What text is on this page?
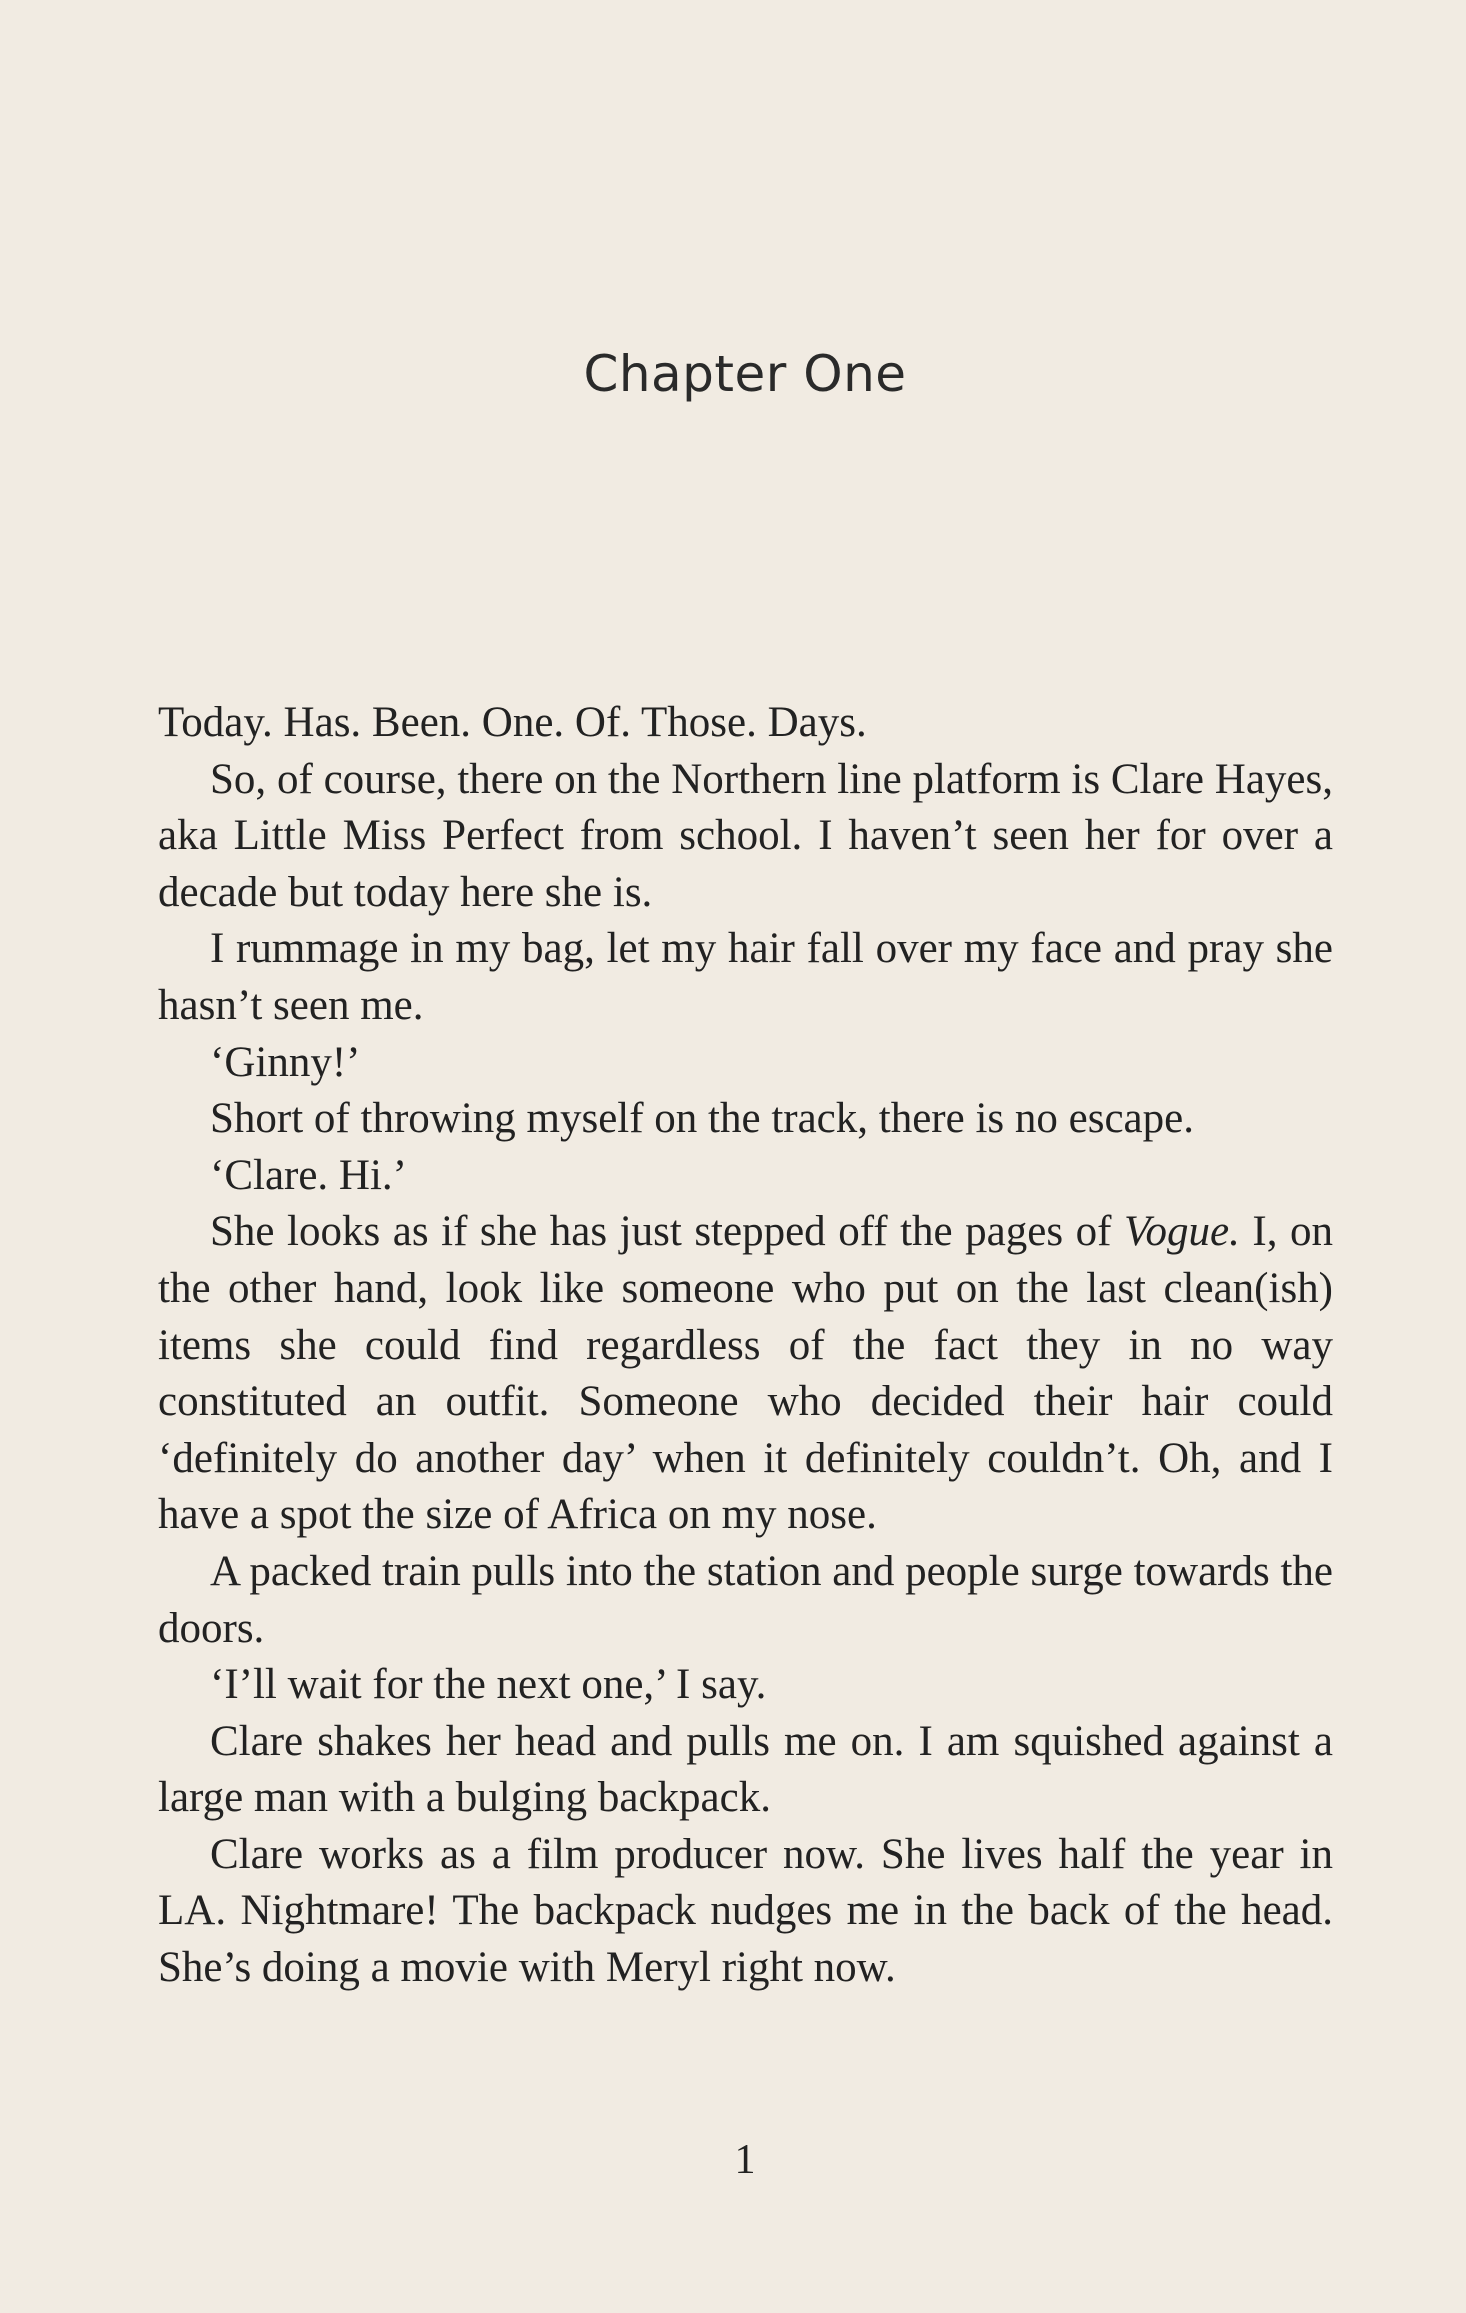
Chapter One

Today. Has. Been. One. Of. Those. Days.

So, of course, there on the Northern line platform is Clare Hayes, aka Little Miss Perfect from school. I haven’t seen her for over a decade but today here she is.

I rummage in my bag, let my hair fall over my face and pray she hasn’t seen me.

‘Ginny!’

Short of throwing myself on the track, there is no escape.

‘Clare. Hi.’

She looks as if she has just stepped off the pages of Vogue. I, on the other hand, look like someone who put on the last clean(ish) items she could find regardless of the fact they in no way constituted an outfit. Someone who decided their hair could ‘definitely do another day’ when it definitely couldn’t. Oh, and I have a spot the size of Africa on my nose.

A packed train pulls into the station and people surge towards the doors.

‘I’ll wait for the next one,’ I say.

Clare shakes her head and pulls me on. I am squished against a large man with a bulging backpack.

Clare works as a film producer now. She lives half the year in LA. Nightmare! The backpack nudges me in the back of the head. She’s doing a movie with Meryl right now.

1
